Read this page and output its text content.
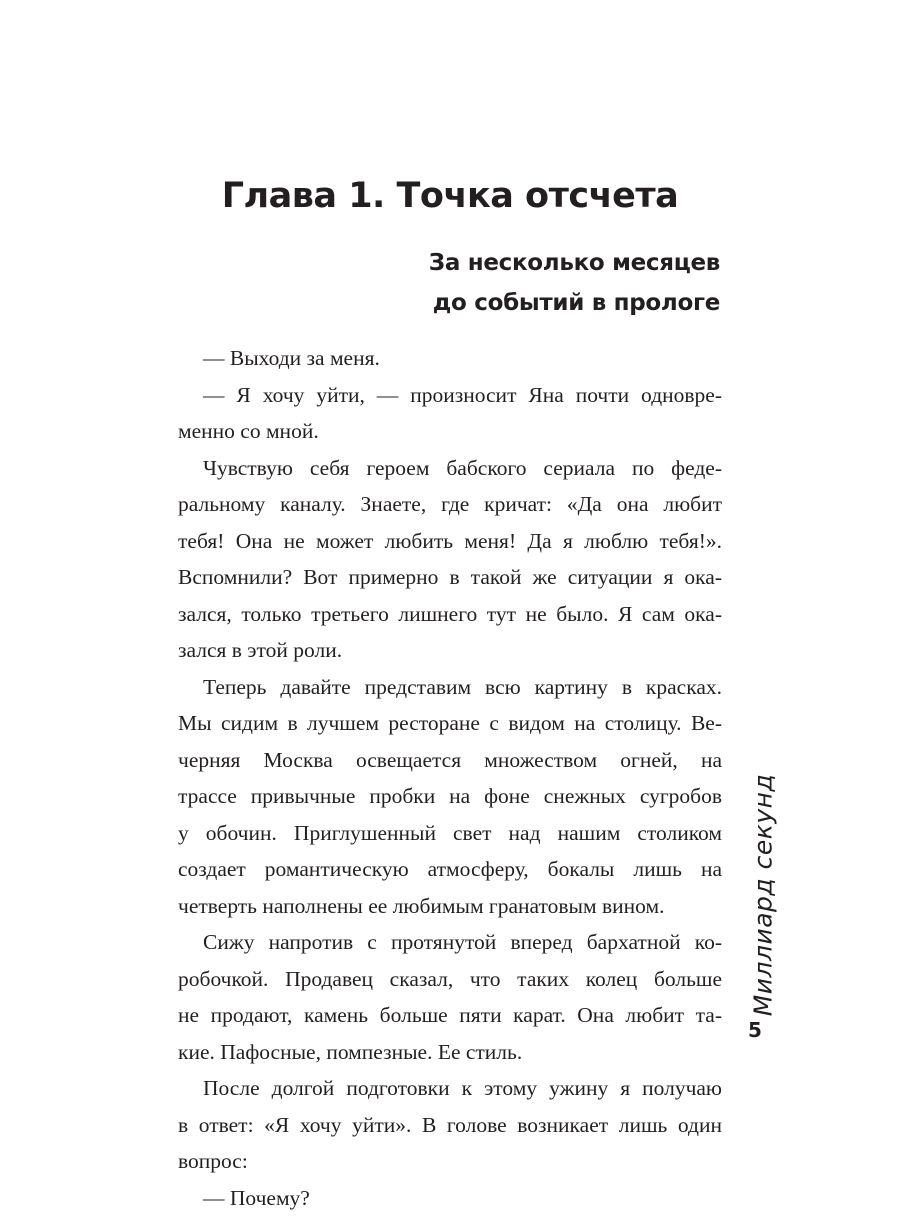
Глава 1. Точка отсчета
За несколько месяцев
до событий в прологе
— Выходи за меня.
— Я хочу уйти, — произносит Яна почти одновре-
менно со мной.
Чувствую себя героем бабского сериала по феде-
ральному каналу. Знаете, где кричат: «Да она любит
тебя! Она не может любить меня! Да я люблю тебя!».
Вспомнили? Вот примерно в такой же ситуации я ока-
зался, только третьего лишнего тут не было. Я сам ока-
зался в этой роли.
Теперь давайте представим всю картину в красках.
Мы сидим в лучшем ресторане с видом на столицу. Ве-
черняя Москва освещается множеством огней, на
трассе привычные пробки на фоне снежных сугробов
у обочин. Приглушенный свет над нашим столиком
создает романтическую атмосферу, бокалы лишь на
четверть наполнены ее любимым гранатовым вином.
Сижу напротив с протянутой вперед бархатной ко-
робочкой. Продавец сказал, что таких колец больше
не продают, камень больше пяти карат. Она любит та-
кие. Пафосные, помпезные. Ее стиль.
После долгой подготовки к этому ужину я получаю
в ответ: «Я хочу уйти». В голове возникает лишь один
вопрос:
— Почему?
Миллиард секунд
5
